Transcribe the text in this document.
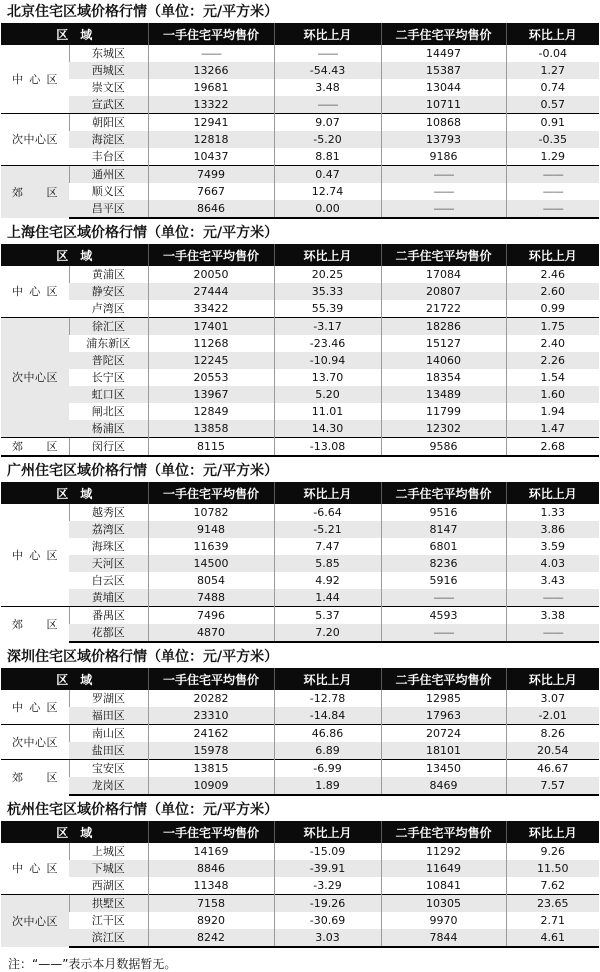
北京住宅区域价格行情（单位：元/平方米）
区　域		一手住宅平均售价	环比上月	二手住宅平均售价	环比上月

中 心 区	东城区	——	——	14497	-0.04
	西城区	13266	-54.43	15387	1.27
	崇文区	19681	3.48	13044	0.74
	宣武区	13322	——	10711	0.57

次 中 心 区	朝阳区	12941	9.07	10868	0.91
	海淀区	12818	-5.20	13793	-0.35
	丰台区	10437	8.81	9186	1.29

郊 区	通州区	7499	0.47	——	——
	顺义区	7667	12.74	——	——
	昌平区	8646	0.00	——	——
上海住宅区域价格行情（单位：元/平方米）
区　域		一手住宅平均售价	环比上月	二手住宅平均售价	环比上月

中 心 区	黄浦区	20050	20.25	17084	2.46
	静安区	27444	35.33	20807	2.60
	卢湾区	33422	55.39	21722	0.99

次 中 心 区	徐汇区	17401	-3.17	18286	1.75
	浦东新区	11268	-23.46	15127	2.40
	普陀区	12245	-10.94	14060	2.26
	长宁区	20553	13.70	18354	1.54
	虹口区	13967	5.20	13489	1.60
	闸北区	12849	11.01	11799	1.94
	杨浦区	13858	14.30	12302	1.47

郊 区	闵行区	8115	-13.08	9586	2.68
广州住宅区域价格行情（单位：元/平方米）
区　域		一手住宅平均售价	环比上月	二手住宅平均售价	环比上月

中 心 区	越秀区	10782	-6.64	9516	1.33
	荔湾区	9148	-5.21	8147	3.86
	海珠区	11639	7.47	6801	3.59
	天河区	14500	5.85	8236	4.03
	白云区	8054	4.92	5916	3.43
	黄埔区	7488	1.44	——	——

郊 区	番禺区	7496	5.37	4593	3.38
	花都区	4870	7.20	——	——
深圳住宅区域价格行情（单位：元/平方米）
区　域		一手住宅平均售价	环比上月	二手住宅平均售价	环比上月

中 心 区	罗湖区	20282	-12.78	12985	3.07
	福田区	23310	-14.84	17963	-2.01

次 中 心 区	南山区	24162	46.86	20724	8.26
	盐田区	15978	6.89	18101	20.54

郊 区	宝安区	13815	-6.99	13450	46.67
	龙岗区	10909	1.89	8469	7.57
杭州住宅区域价格行情（单位：元/平方米）
区　域		一手住宅平均售价	环比上月	二手住宅平均售价	环比上月

中 心 区	上城区	14169	-15.09	11292	9.26
	下城区	8846	-39.91	11649	11.50
	西湖区	11348	-3.29	10841	7.62

次 中 心 区	拱墅区	7158	-19.26	10305	23.65
	江干区	8920	-30.69	9970	2.71
	滨江区	8242	3.03	7844	4.61
注：“——”表示本月数据暂无。
